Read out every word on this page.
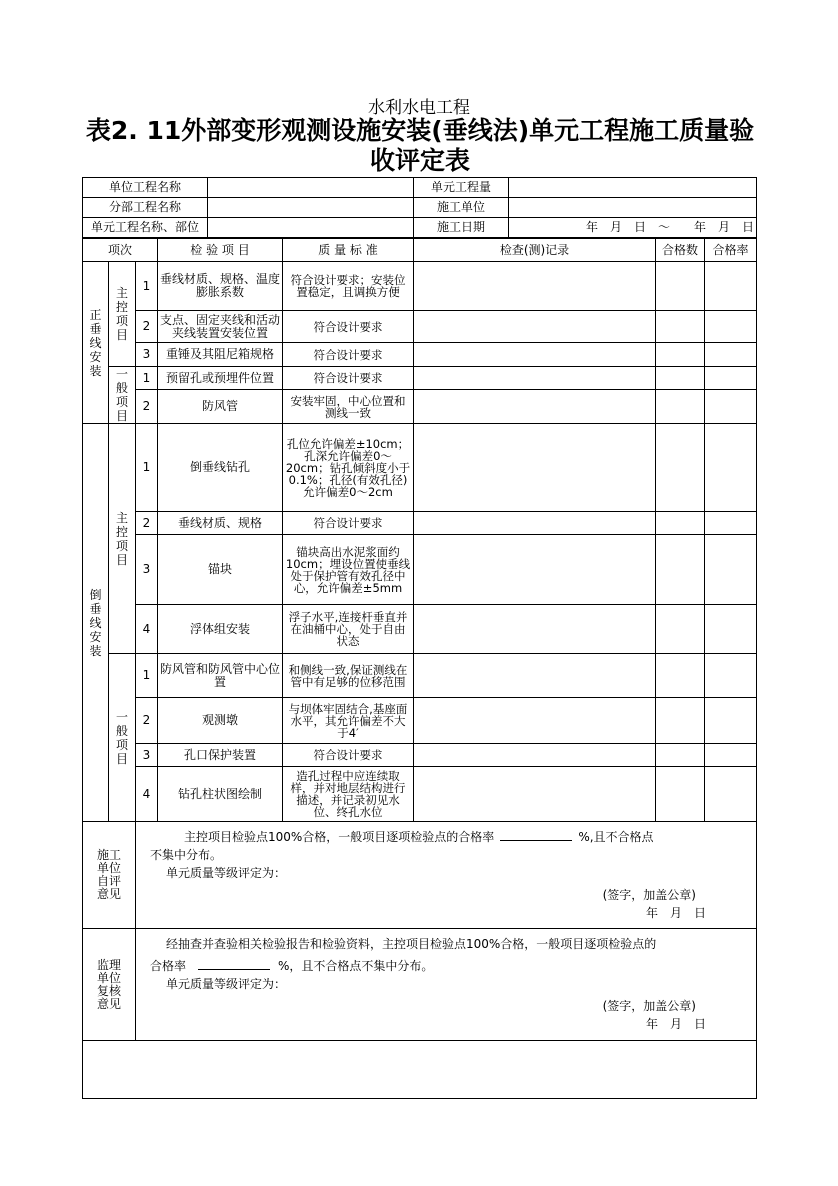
水利水电工程
表2. 11外部变形观测设施安装(垂线法)单元工程施工质量验收评定表
单位工程名称		单元工程量	
分部工程名称		施工单位	
单元工程名称、部位		施工日期	年　月　日　～　　年　月　日
项次			检 验 项 目	质 量 标 准	检查(测)记录	合格数	合格率
正垂线安装	主控项目	1	垂线材质、规格、温度膨胀系数	符合设计要求；安装位置稳定，且调换方便			
		2	支点、固定夹线和活动夹线装置安装位置	符合设计要求			
		3	重锤及其阻尼箱规格	符合设计要求			
	一般项目	1	预留孔或预埋件位置	符合设计要求			
		2	防风管	安装牢固，中心位置和测线一致			
倒垂线安装	主控项目	1	倒垂线钻孔	孔位允许偏差±10cm；孔深允许偏差0～20cm；钻孔倾斜度小于0.1%；孔径(有效孔径)允许偏差0～2cm			
		2	垂线材质、规格	符合设计要求			
		3	锚块	锚块高出水泥浆面约10cm；埋设位置使垂线处于保护管有效孔径中心，允许偏差±5mm			
		4	浮体组安装	浮子水平,连接杆垂直并在油桶中心，处于自由状态			
	一般项目	1	防风管和防风管中心位置	和侧线一致,保证测线在管中有足够的位移范围			
		2	观测墩	与坝体牢固结合,基座面水平，其允许偏差不大于4′			
		3	孔口保护装置	符合设计要求			
		4	钻孔柱状图绘制	造孔过程中应连续取样，并对地层结构进行描述，并记录初见水位、终孔水位			
施工单位自评意见		主控项目检验点100%合格，一般项目逐项检验点的合格率 %,且不合格点

不集中分布。

单元质量等级评定为：

(签字，加盖公章)

年　月　日					

监理单位复核意见		经抽查并查验相关检验报告和检验资料，主控项目检验点100%合格，一般项目逐项检验点的

合格率 %，且不合格点不集中分布。

单元质量等级评定为：

(签字，加盖公章)

年　月　日					
